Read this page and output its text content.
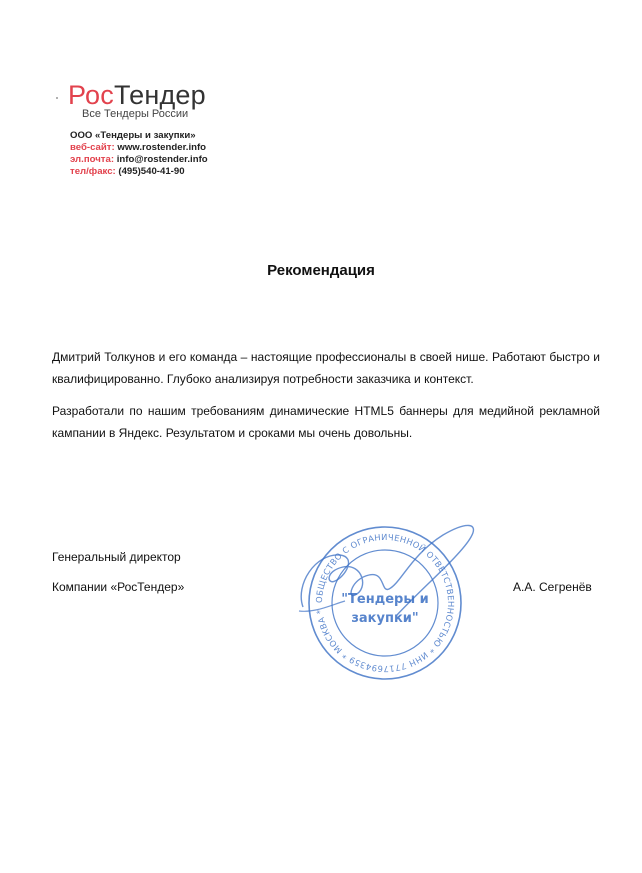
РосТендер
Все Тендеры России
ООО «Тендеры и закупки»
веб-сайт: www.rostender.info
эл.почта: info@rostender.info
тел/факс: (495)540-41-90
Рекомендация
Дмитрий Толкунов и его команда – настоящие профессионалы в своей нише. Работают быстро и квалифицированно. Глубоко анализируя потребности заказчика и контекст.
Разработали по нашим требованиям динамические HTML5 баннеры для медийной рекламной кампании в Яндекс. Результатом и сроками мы очень довольны.
Генеральный директор
Компании «РосТендер»	А.А. Сегренёв
ОБЩЕСТВО С ОГРАНИЧЕННОЙ ОТВЕТСТВЕННОСТЬЮ * ИНН 7717694359 * МОСКВА *
"Тендеры и
закупки"
